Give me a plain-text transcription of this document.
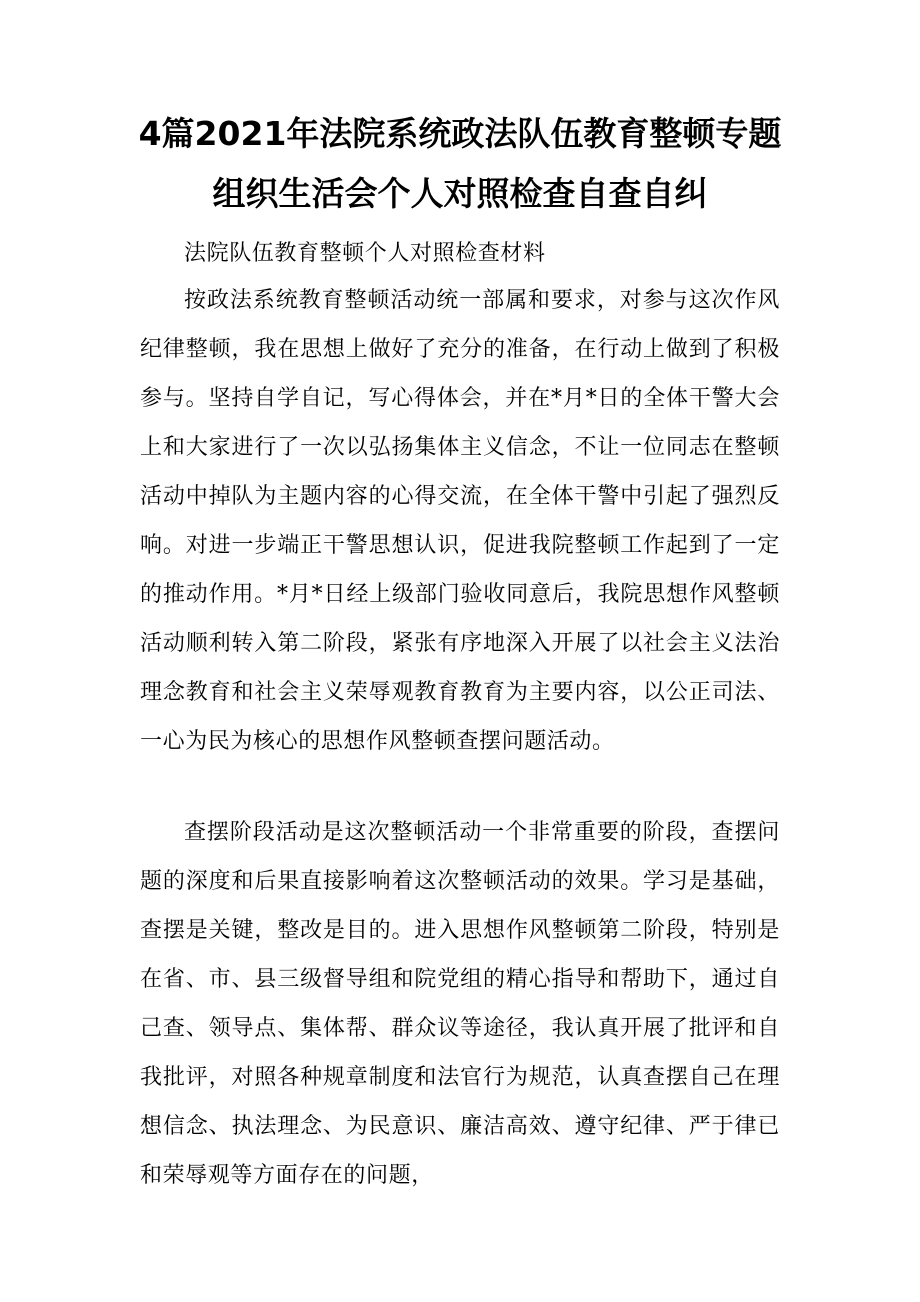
4篇2021年法院系统政法队伍教育整顿专题
组织生活会个人对照检查自查自纠

法院队伍教育整顿个人对照检查材料

按政法系统教育整顿活动统一部属和要求，对参与这次作风纪律整顿，我在思想上做好了充分的准备，在行动上做到了积极参与。坚持自学自记，写心得体会，并在*月*日的全体干警大会上和大家进行了一次以弘扬集体主义信念，不让一位同志在整顿活动中掉队为主题内容的心得交流，在全体干警中引起了强烈反响。对进一步端正干警思想认识，促进我院整顿工作起到了一定的推动作用。*月*日经上级部门验收同意后，我院思想作风整顿活动顺利转入第二阶段，紧张有序地深入开展了以社会主义法治理念教育和社会主义荣辱观教育教育为主要内容，以公正司法、一心为民为核心的思想作风整顿查摆问题活动。

查摆阶段活动是这次整顿活动一个非常重要的阶段，查摆问题的深度和后果直接影响着这次整顿活动的效果。学习是基础，查摆是关键，整改是目的。进入思想作风整顿第二阶段，特别是在省、市、县三级督导组和院党组的精心指导和帮助下，通过自己查、领导点、集体帮、群众议等途径，我认真开展了批评和自我批评，对照各种规章制度和法官行为规范，认真查摆自己在理想信念、执法理念、为民意识、廉洁高效、遵守纪律、严于律已和荣辱观等方面存在的问题，
